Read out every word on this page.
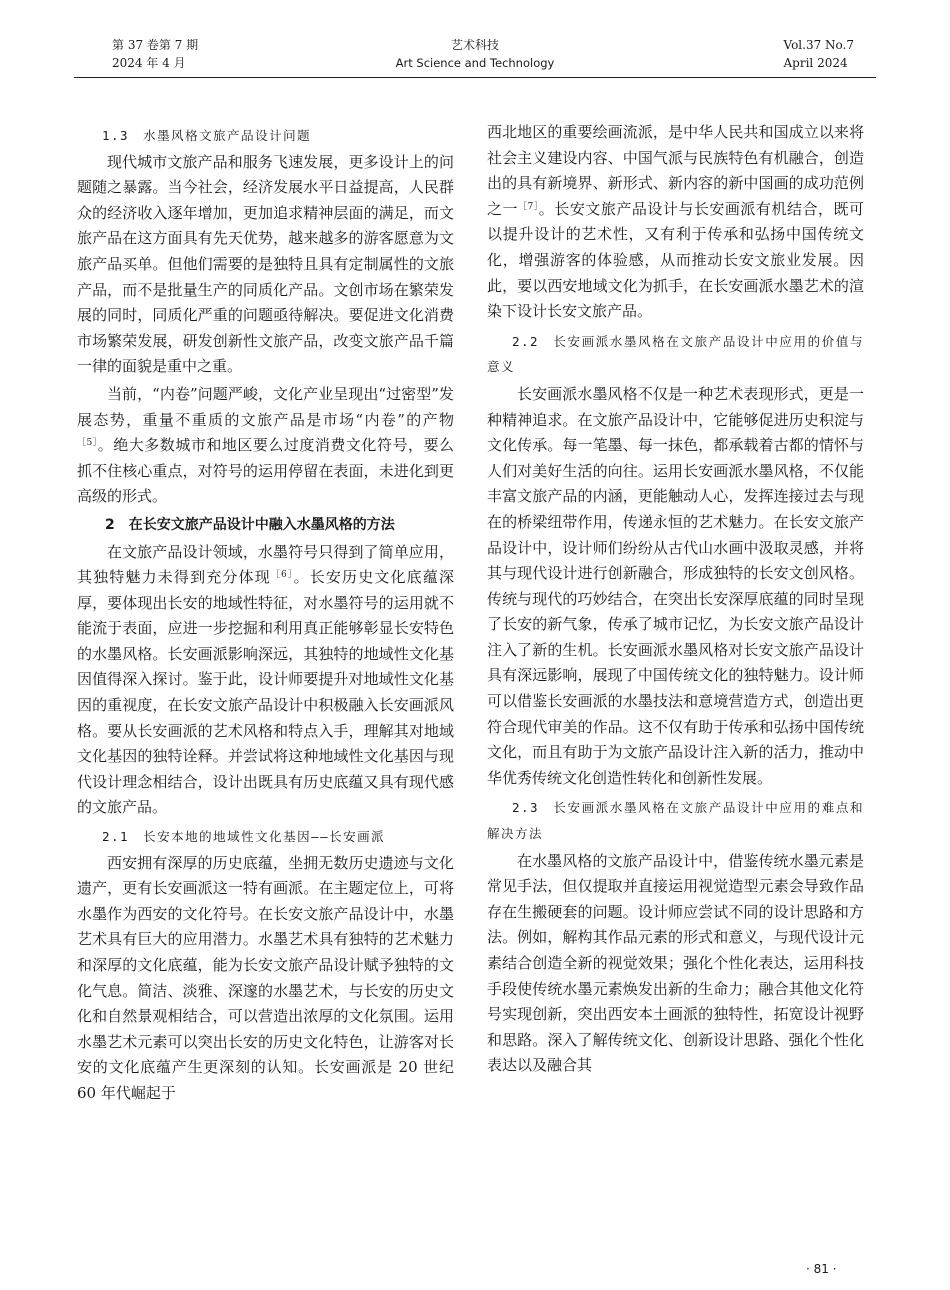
第 37 卷第 7 期
2024 年 4 月
艺术科技
Art Science and Technology
Vol.37 No.7
April 2024

1.3　水墨风格文旅产品设计问题

现代城市文旅产品和服务飞速发展，更多设计上的问题随之暴露。当今社会，经济发展水平日益提高，人民群众的经济收入逐年增加，更加追求精神层面的满足，而文旅产品在这方面具有先天优势，越来越多的游客愿意为文旅产品买单。但他们需要的是独特且具有定制属性的文旅产品，而不是批量生产的同质化产品。文创市场在繁荣发展的同时，同质化严重的问题亟待解决。要促进文化消费市场繁荣发展，研发创新性文旅产品，改变文旅产品千篇一律的面貌是重中之重。

当前，“内卷”问题严峻，文化产业呈现出“过密型”发展态势，重量不重质的文旅产品是市场“内卷”的产物$^{[5]}$。绝大多数城市和地区要么过度消费文化符号，要么抓不住核心重点，对符号的运用停留在表面，未进化到更高级的形式。

2　在长安文旅产品设计中融入水墨风格的方法

在文旅产品设计领域，水墨符号只得到了简单应用，其独特魅力未得到充分体现$^{[6]}$。长安历史文化底蕴深厚，要体现出长安的地域性特征，对水墨符号的运用就不能流于表面，应进一步挖掘和利用真正能够彰显长安特色的水墨风格。长安画派影响深远，其独特的地域性文化基因值得深入探讨。鉴于此，设计师要提升对地域性文化基因的重视度，在长安文旅产品设计中积极融入长安画派风格。要从长安画派的艺术风格和特点入手，理解其对地域文化基因的独特诠释。并尝试将这种地域性文化基因与现代设计理念相结合，设计出既具有历史底蕴又具有现代感的文旅产品。

2.1　长安本地的地域性文化基因——长安画派

西安拥有深厚的历史底蕴，坐拥无数历史遗迹与文化遗产，更有长安画派这一特有画派。在主题定位上，可将水墨作为西安的文化符号。在长安文旅产品设计中，水墨艺术具有巨大的应用潜力。水墨艺术具有独特的艺术魅力和深厚的文化底蕴，能为长安文旅产品设计赋予独特的文化气息。简洁、淡雅、深邃的水墨艺术，与长安的历史文化和自然景观相结合，可以营造出浓厚的文化氛围。运用水墨艺术元素可以突出长安的历史文化特色，让游客对长安的文化底蕴产生更深刻的认知。长安画派是 20 世纪 60 年代崛起于

西北地区的重要绘画流派，是中华人民共和国成立以来将社会主义建设内容、中国气派与民族特色有机融合，创造出的具有新境界、新形式、新内容的新中国画的成功范例之一$^{[7]}$。长安文旅产品设计与长安画派有机结合，既可以提升设计的艺术性，又有利于传承和弘扬中国传统文化，增强游客的体验感，从而推动长安文旅业发展。因此，要以西安地域文化为抓手，在长安画派水墨艺术的渲染下设计长安文旅产品。

2.2　长安画派水墨风格在文旅产品设计中应用的价值与意义

长安画派水墨风格不仅是一种艺术表现形式，更是一种精神追求。在文旅产品设计中，它能够促进历史积淀与文化传承。每一笔墨、每一抹色，都承载着古都的情怀与人们对美好生活的向往。运用长安画派水墨风格，不仅能丰富文旅产品的内涵，更能触动人心，发挥连接过去与现在的桥梁纽带作用，传递永恒的艺术魅力。在长安文旅产品设计中，设计师们纷纷从古代山水画中汲取灵感，并将其与现代设计进行创新融合，形成独特的长安文创风格。传统与现代的巧妙结合，在突出长安深厚底蕴的同时呈现了长安的新气象，传承了城市记忆，为长安文旅产品设计注入了新的生机。长安画派水墨风格对长安文旅产品设计具有深远影响，展现了中国传统文化的独特魅力。设计师可以借鉴长安画派的水墨技法和意境营造方式，创造出更符合现代审美的作品。这不仅有助于传承和弘扬中国传统文化，而且有助于为文旅产品设计注入新的活力，推动中华优秀传统文化创造性转化和创新性发展。

2.3　长安画派水墨风格在文旅产品设计中应用的难点和解决方法

在水墨风格的文旅产品设计中，借鉴传统水墨元素是常见手法，但仅提取并直接运用视觉造型元素会导致作品存在生搬硬套的问题。设计师应尝试不同的设计思路和方法。例如，解构其作品元素的形式和意义，与现代设计元素结合创造全新的视觉效果；强化个性化表达，运用科技手段使传统水墨元素焕发出新的生命力；融合其他文化符号实现创新，突出西安本土画派的独特性，拓宽设计视野和思路。深入了解传统文化、创新设计思路、强化个性化表达以及融合其

· 81 ·
